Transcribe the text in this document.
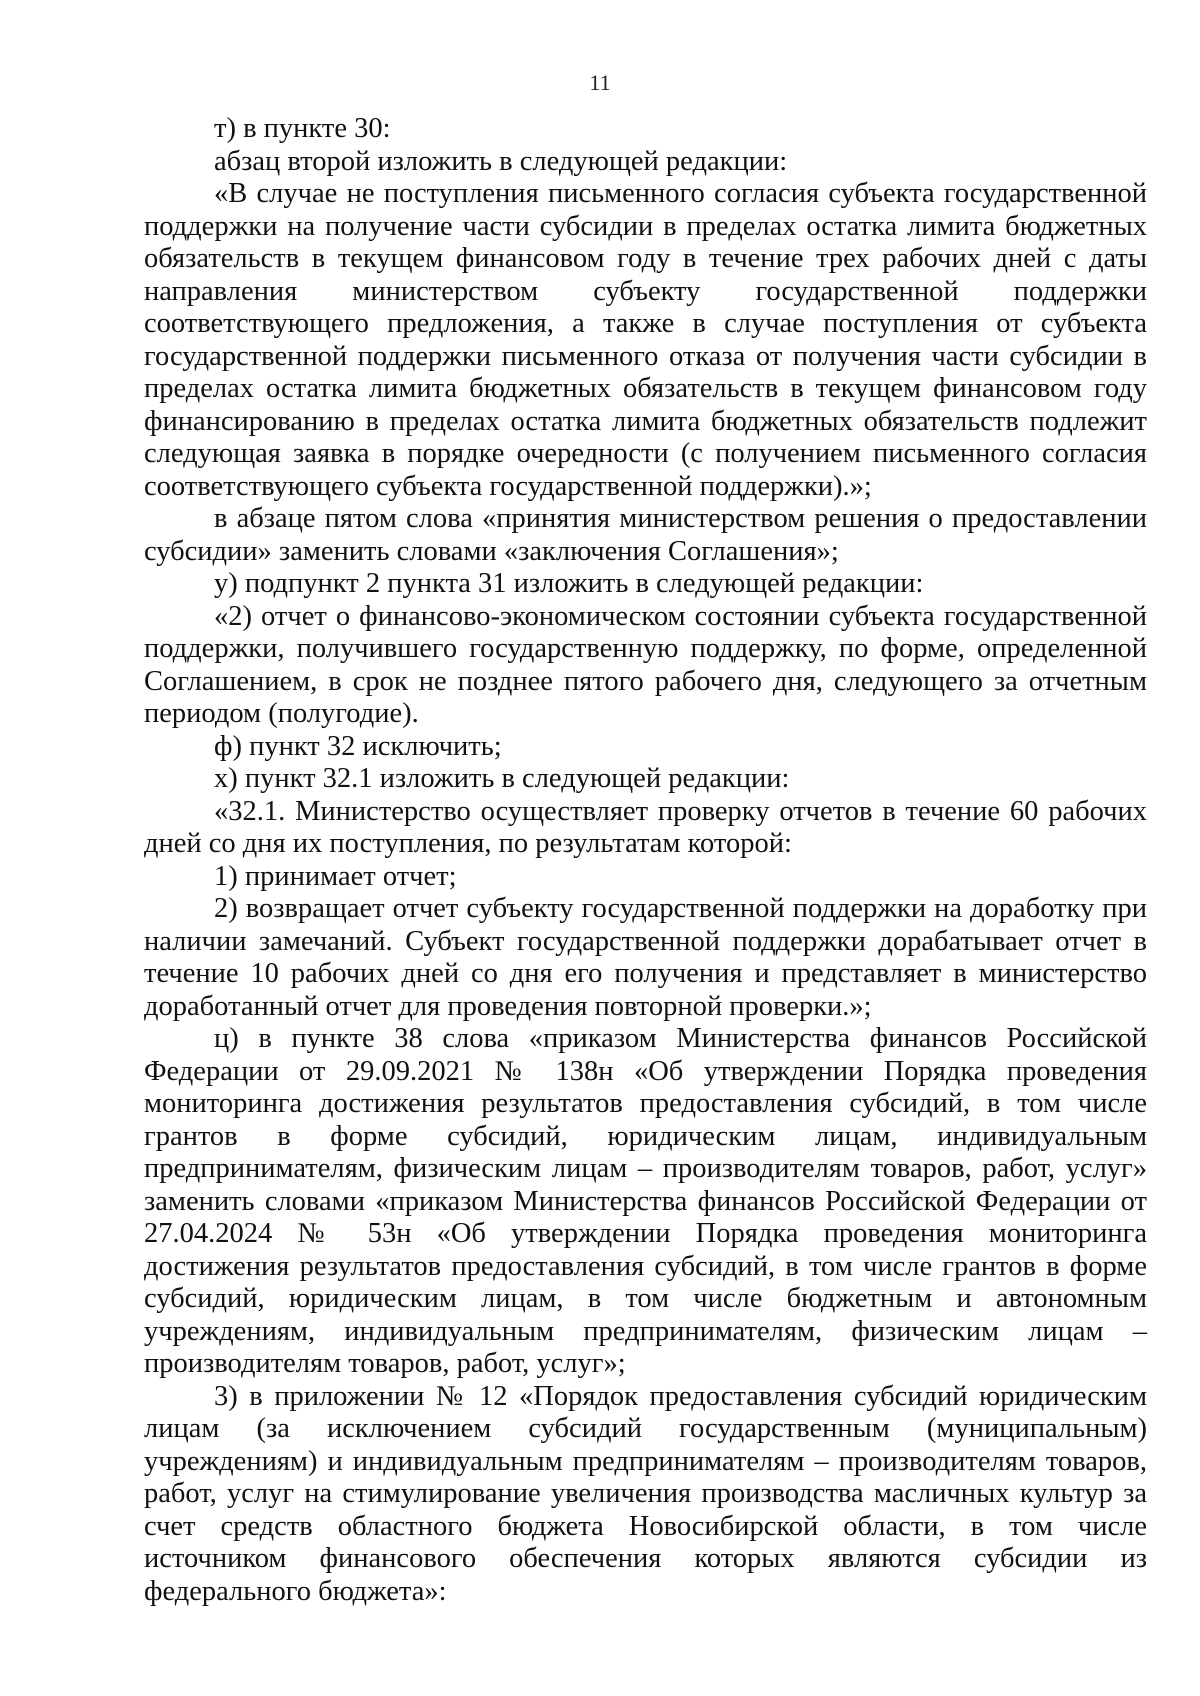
11

т) в пункте 30:

абзац второй изложить в следующей редакции:

«В случае не поступления письменного согласия субъекта государственной поддержки на получение части субсидии в пределах остатка лимита бюджетных обязательств в текущем финансовом году в течение трех рабочих дней с даты направления министерством субъекту государственной поддержки соответствующего предложения, а также в случае поступления от субъекта государственной поддержки письменного отказа от получения части субсидии в пределах остатка лимита бюджетных обязательств в текущем финансовом году финансированию в пределах остатка лимита бюджетных обязательств подлежит следующая заявка в порядке очередности (с получением письменного согласия соответствующего субъекта государственной поддержки).»;

в абзаце пятом слова «принятия министерством решения о предоставлении субсидии» заменить словами «заключения Соглашения»;

у) подпункт 2 пункта 31 изложить в следующей редакции:

«2) отчет о финансово-экономическом состоянии субъекта государственной поддержки, получившего государственную поддержку, по форме, определенной Соглашением, в срок не позднее пятого рабочего дня, следующего за отчетным периодом (полугодие).

ф) пункт 32 исключить;

х) пункт 32.1 изложить в следующей редакции:

«32.1. Министерство осуществляет проверку отчетов в течение 60 рабочих дней со дня их поступления, по результатам которой:

1) принимает отчет;

2) возвращает отчет субъекту государственной поддержки на доработку при наличии замечаний. Субъект государственной поддержки дорабатывает отчет в течение 10 рабочих дней со дня его получения и представляет в министерство доработанный отчет для проведения повторной проверки.»;

ц) в пункте 38 слова «приказом Министерства финансов Российской Федерации от 29.09.2021 № 138н «Об утверждении Порядка проведения мониторинга достижения результатов предоставления субсидий, в том числе грантов в форме субсидий, юридическим лицам, индивидуальным предпринимателям, физическим лицам – производителям товаров, работ, услуг» заменить словами «приказом Министерства финансов Российской Федерации от 27.04.2024 № 53н «Об утверждении Порядка проведения мониторинга достижения результатов предоставления субсидий, в том числе грантов в форме субсидий, юридическим лицам, в том числе бюджетным и автономным учреждениям, индивидуальным предпринимателям, физическим лицам – производителям товаров, работ, услуг»;

3) в приложении № 12 «Порядок предоставления субсидий юридическим лицам (за исключением субсидий государственным (муниципальным) учреждениям) и индивидуальным предпринимателям – производителям товаров, работ, услуг на стимулирование увеличения производства масличных культур за счет средств областного бюджета Новосибирской области, в том числе источником финансового обеспечения которых являются субсидии из федерального бюджета»:
